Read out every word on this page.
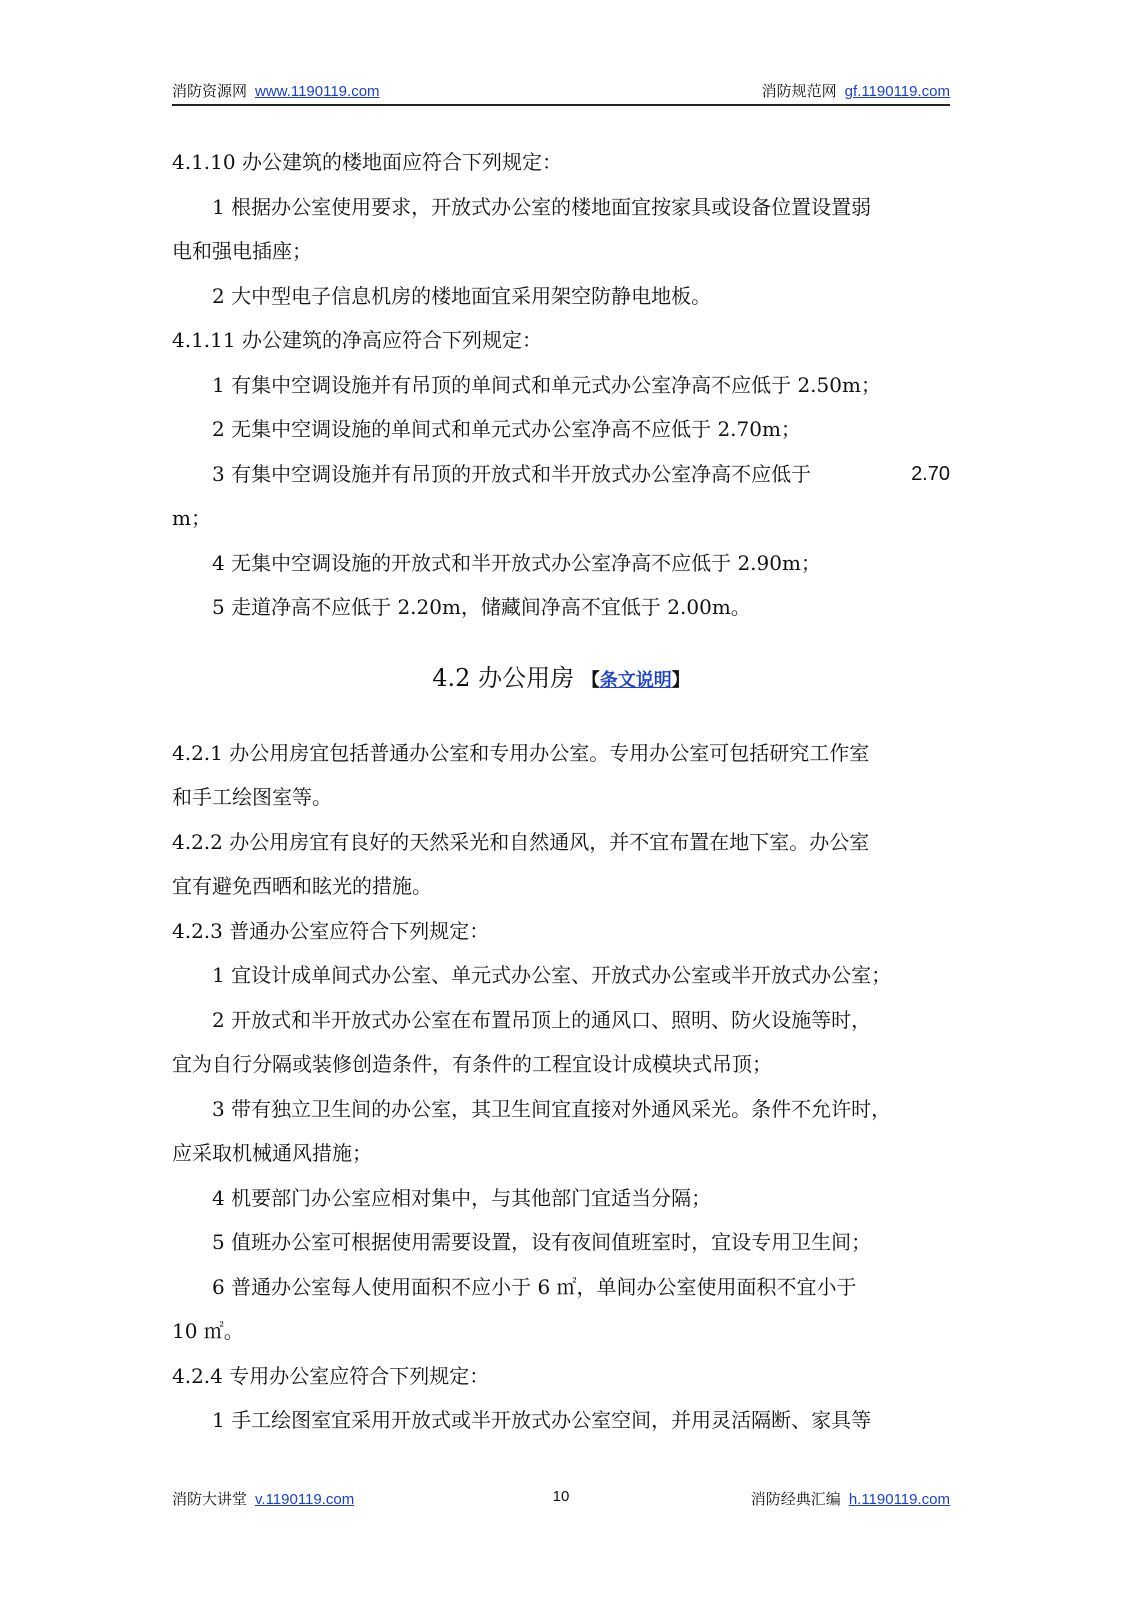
消防资源网 www.1190119.com	消防规范网 gf.1190119.com

4.1.10 办公建筑的楼地面应符合下列规定：

1 根据办公室使用要求，开放式办公室的楼地面宜按家具或设备位置设置弱

电和强电插座；

2 大中型电子信息机房的楼地面宜采用架空防静电地板。

4.1.11 办公建筑的净高应符合下列规定：

1 有集中空调设施并有吊顶的单间式和单元式办公室净高不应低于 2.50m；

2 无集中空调设施的单间式和单元式办公室净高不应低于 2.70m；

3 有集中空调设施并有吊顶的开放式和半开放式办公室净高不应低于	2.70

m；

4 无集中空调设施的开放式和半开放式办公室净高不应低于 2.90m；

5 走道净高不应低于 2.20m，储藏间净高不宜低于 2.00m。

4.2 办公用房 【条文说明】

4.2.1 办公用房宜包括普通办公室和专用办公室。专用办公室可包括研究工作室

和手工绘图室等。

4.2.2 办公用房宜有良好的天然采光和自然通风，并不宜布置在地下室。办公室

宜有避免西晒和眩光的措施。

4.2.3 普通办公室应符合下列规定：

1 宜设计成单间式办公室、单元式办公室、开放式办公室或半开放式办公室；

2 开放式和半开放式办公室在布置吊顶上的通风口、照明、防火设施等时，

宜为自行分隔或装修创造条件，有条件的工程宜设计成模块式吊顶；

3 带有独立卫生间的办公室，其卫生间宜直接对外通风采光。条件不允许时，

应采取机械通风措施；

4 机要部门办公室应相对集中，与其他部门宜适当分隔；

5 值班办公室可根据使用需要设置，设有夜间值班室时，宜设专用卫生间；

6 普通办公室每人使用面积不应小于 6 ㎡，单间办公室使用面积不宜小于

10 ㎡。

4.2.4 专用办公室应符合下列规定：

1 手工绘图室宜采用开放式或半开放式办公室空间，并用灵活隔断、家具等

消防大讲堂 v.1190119.com	10	消防经典汇编 h.1190119.com
